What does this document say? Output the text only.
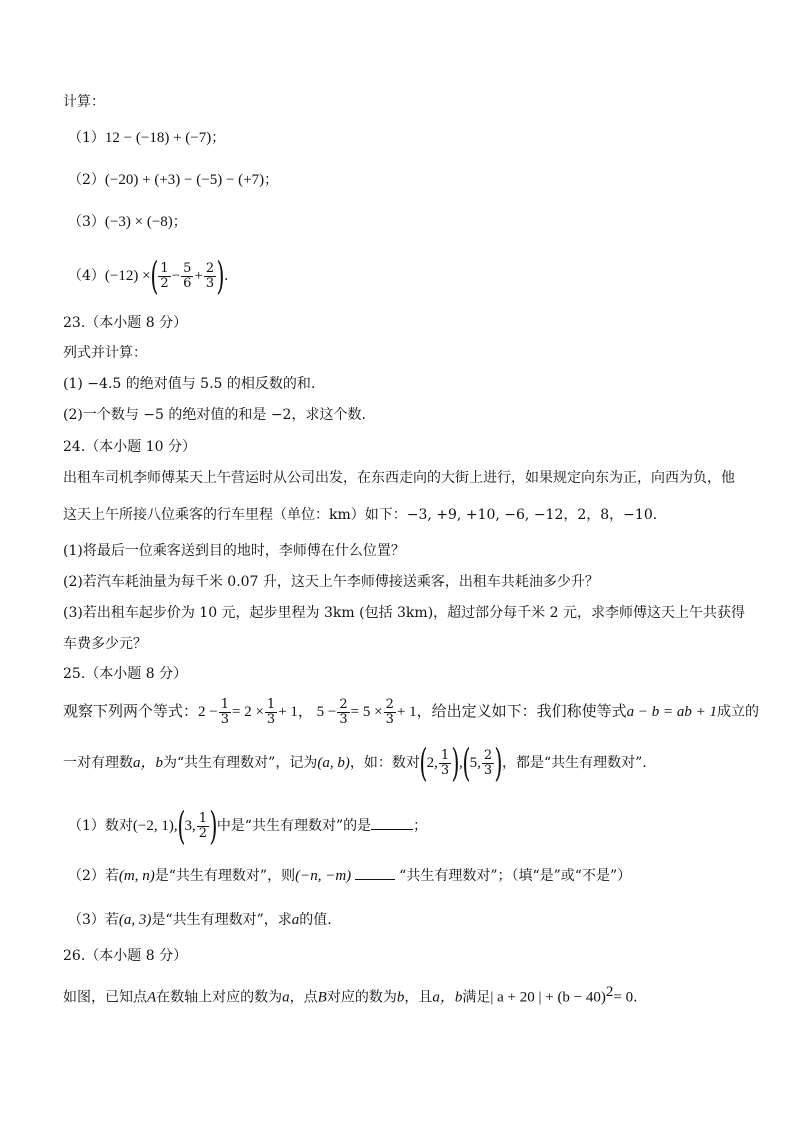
计算：
（1）12 − (−18) + (−7)；
（2）(−20) + (+3) − (−5) − (+7)；
（3）(−3) × (−8)；
（4）(−12) ×( $\frac{1}{2} - \frac{5}{6} + \frac{2}{3}$ ).
23.（本小题 8 分）
列式并计算：
(1) −4.5 的绝对值与 5.5 的相反数的和.
(2)一个数与 −5 的绝对值的和是 −2，求这个数.
24.（本小题 10 分）
出租车司机李师傅某天上午营运时从公司出发，在东西走向的大街上进行，如果规定向东为正，向西为负，他
这天上午所接八位乘客的行车里程（单位：km）如下：−3, +9, +10, −6, −12，2，8，−10.
(1)将最后一位乘客送到目的地时，李师傅在什么位置？
(2)若汽车耗油量为每千米 0.07 升，这天上午李师傅接送乘客，出租车共耗油多少升？
(3)若出租车起步价为 10 元，起步里程为 3km (包括 3km)，超过部分每千米 2 元，求李师傅这天上午共获得
车费多少元？
25.（本小题 8 分）
观察下列两个等式：$2 - \frac{1}{3} = 2 \times \frac{1}{3} + 1$， $5 - \frac{2}{3} = 5 \times \frac{2}{3} + 1$，给出定义如下：我们称使等式a − b = ab + 1成立的
一对有理数a，b为“共生有理数对”，记为(a, b)，如：数对(2, $\frac{1}{3} ),(5$, $\frac{2}{3}$ )，都是“共生有理数对”.
（1）数对(−2, 1),(3, $\frac{1}{2}$ )中是“共生有理数对”的是	；
（2）若(m, n)是“共生有理数对”，则(−n, −m)	“共生有理数对”；（填“是”或“不是”）
（3）若(a, 3)是“共生有理数对”，求a的值.
26.（本小题 8 分）
如图，已知点A在数轴上对应的数为a，点B对应的数为b，且a，b满足| a + 20 | + $(b - 40)^2= 0$.
